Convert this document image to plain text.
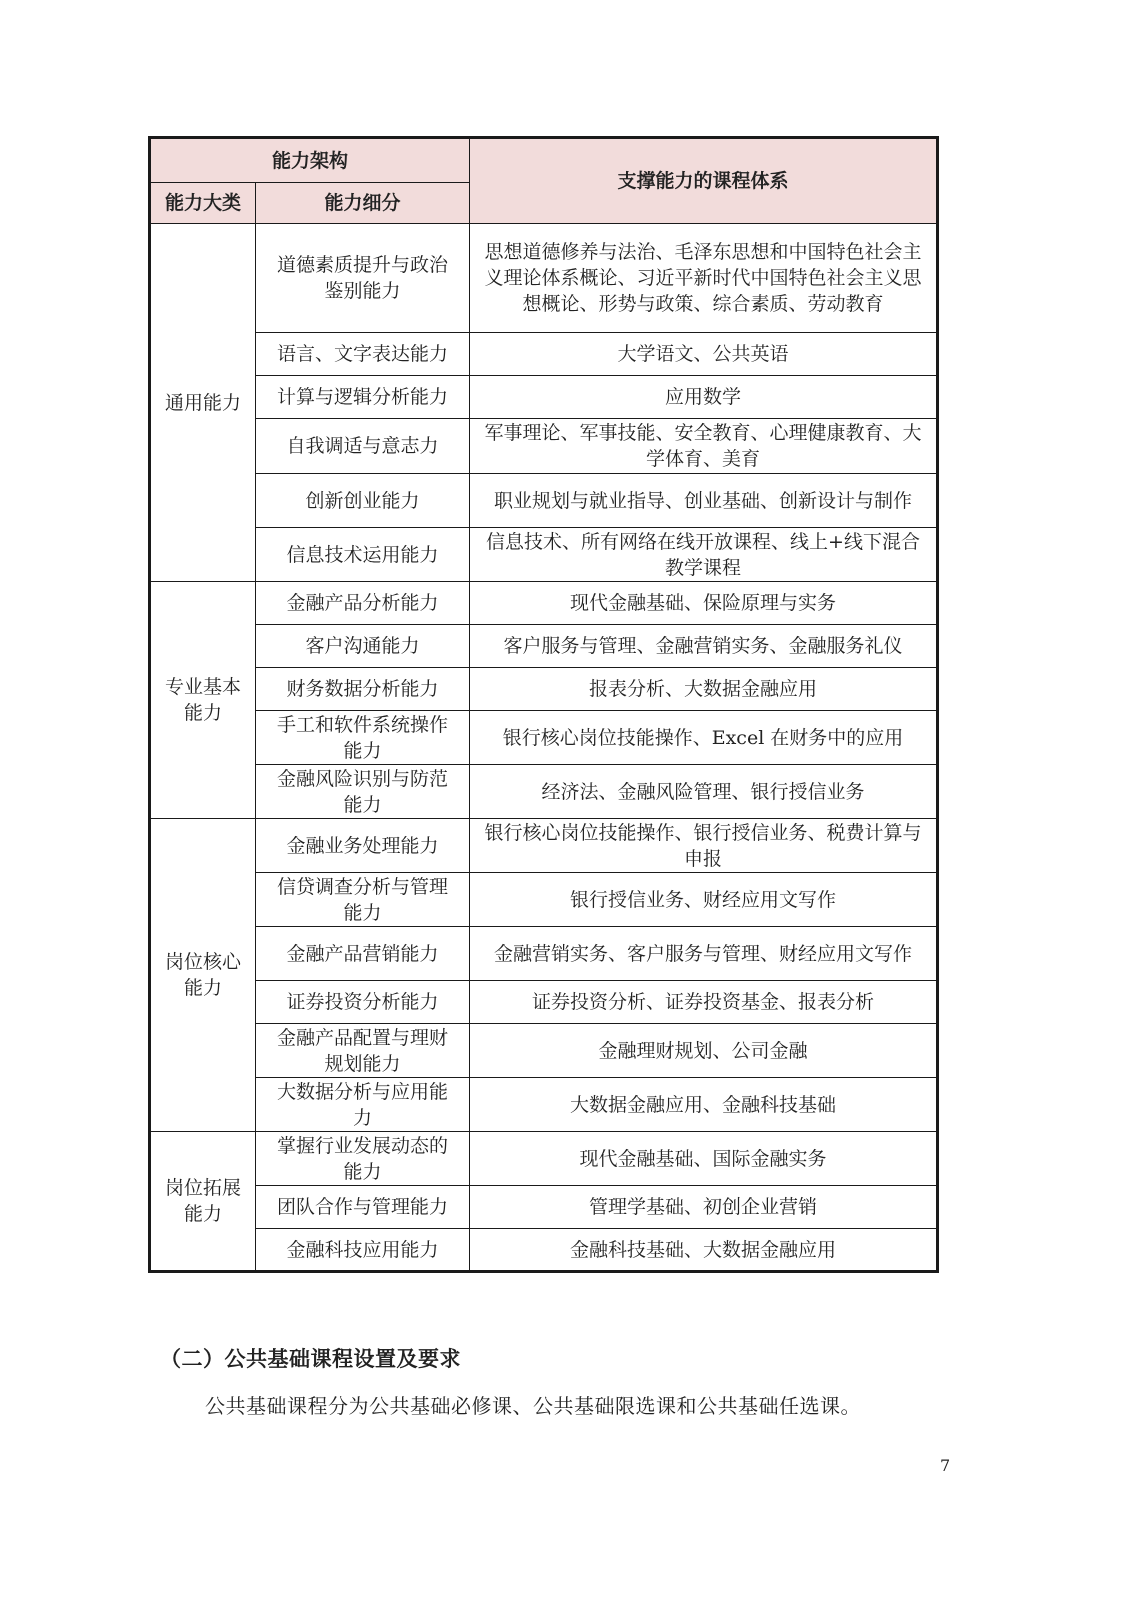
能力架构		支撑能力的课程体系
能力大类	能力细分	
通用能力	道德素质提升与政治鉴别能力	思想道德修养与法治、毛泽东思想和中国特色社会主义理论体系概论、习近平新时代中国特色社会主义思想概论、形势与政策、综合素质、劳动教育
	语言、文字表达能力	大学语文、公共英语
	计算与逻辑分析能力	应用数学
	自我调适与意志力	军事理论、军事技能、安全教育、心理健康教育、大学体育、美育
	创新创业能力	职业规划与就业指导、创业基础、创新设计与制作
	信息技术运用能力	信息技术、所有网络在线开放课程、线上+线下混合教学课程
专业基本能力	金融产品分析能力	现代金融基础、保险原理与实务
	客户沟通能力	客户服务与管理、金融营销实务、金融服务礼仪
	财务数据分析能力	报表分析、大数据金融应用
	手工和软件系统操作能力	银行核心岗位技能操作、Excel 在财务中的应用
	金融风险识别与防范能力	经济法、金融风险管理、银行授信业务
岗位核心能力	金融业务处理能力	银行核心岗位技能操作、银行授信业务、税费计算与申报
	信贷调查分析与管理能力	银行授信业务、财经应用文写作
	金融产品营销能力	金融营销实务、客户服务与管理、财经应用文写作
	证券投资分析能力	证券投资分析、证券投资基金、报表分析
	金融产品配置与理财规划能力	金融理财规划、公司金融
	大数据分析与应用能力	大数据金融应用、金融科技基础
岗位拓展能力	掌握行业发展动态的能力	现代金融基础、国际金融实务
	团队合作与管理能力	管理学基础、初创企业营销
	金融科技应用能力	金融科技基础、大数据金融应用
（二）公共基础课程设置及要求

公共基础课程分为公共基础必修课、公共基础限选课和公共基础任选课。

7
